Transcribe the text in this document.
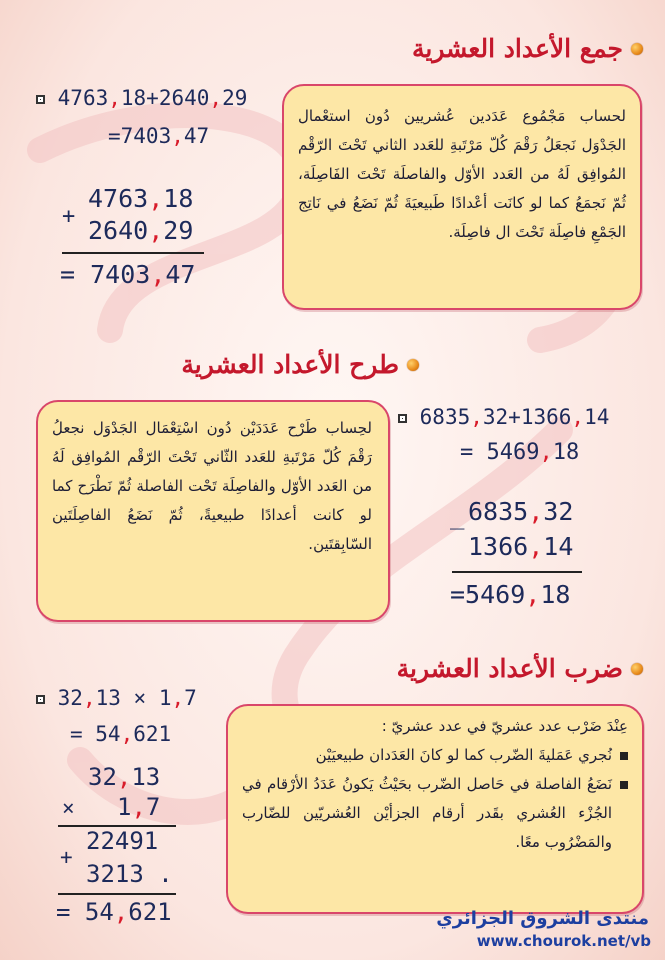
جمع الأعداد العشرية

لحساب مَجْمُوع عَدَدين عُشريين دُون استعْمال الجَدْوَل نَجعَلُ رَقْمَ كُلّ مَرْتَبةِ للعَدد الثاني تَحْتَ الرّقْم المُوافِق لَهُ من العَدد الأوّل والفاصلَة تَحْتَ الفَاصِلَة، ثُمّ نَجمَعُ كما لو كانَت أعْدادًا طَبيعيَةَ ثُمّ نَضَعُ في نَاتِج الجَمْعِ فاصِلَة تَحْتَ ال فاصِلَة.

4763,18+2640,29
=7403,47
4763,18
+ 2640,29
= 7403,47
طرح الأعداد العشرية

لحِساب طَرْح عَدَدَيْن دُون اسْتِعْمَال الجَدْوَل نجعلُ رَقْمَ كُلّ مَرْتَبةِ للعَدد الثّاني تَحْتَ الرّقْم المُوافِق لَهُ من العَدد الأوّل والفاصِلَة تَحْت الفاصلة ثُمّ نَطْرَح كما لو كانت أعدادًا طبيعيةً، ثُمّ نَضَعُ الفاصِلَتَين السّابِقتَين.

6835,32+1366,14
= 5469,18
6835,32
_
1366,14
=5469,18
ضرب الأعداد العشرية

عِنْدَ ضَرْب عدد عشريّ في عدد عشريّ :

نُجري عَمَليةَ الضّرب كما لو كانَ العَدَدان طبيعيَيْن

نَضَعُ الفاصلة في حَاصل الضّرب بحَيْثُ يَكونُ عَدَدُ الأرْقام في الجُزْء العُشري بقَدر أرقام الجزأيْن العُشريّين للضّارب والمَضْرُوب معًا.

32,13 × 1,7
= 54,621
32,13
× 1,7
22491
+
3213 .
= 54,621	منتدى الشروق الجزائري
www.chourok.net/vb
